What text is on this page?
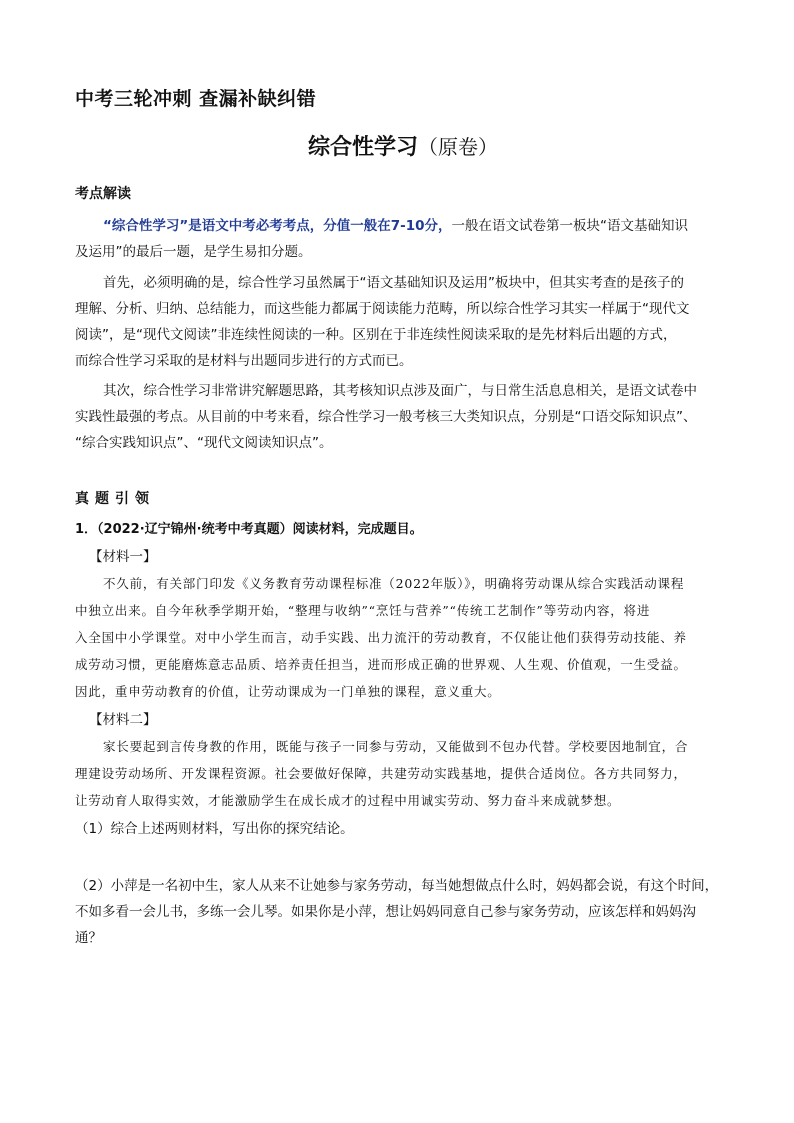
中考三轮冲刺 查漏补缺纠错
综合性学习（原卷）
考点解读
“综合性学习”是语文中考必考考点，分值一般在7-10分，一般在语文试卷第一板块“语文基础知识
及运用”的最后一题，是学生易扣分题。
首先，必须明确的是，综合性学习虽然属于“语文基础知识及运用”板块中，但其实考查的是孩子的
理解、分析、归纳、总结能力，而这些能力都属于阅读能力范畴，所以综合性学习其实一样属于“现代文
阅读”，是“现代文阅读”非连续性阅读的一种。区别在于非连续性阅读采取的是先材料后出题的方式，
而综合性学习采取的是材料与出题同步进行的方式而已。
其次，综合性学习非常讲究解题思路，其考核知识点涉及面广，与日常生活息息相关，是语文试卷中
实践性最强的考点。从目前的中考来看，综合性学习一般考核三大类知识点，分别是“口语交际知识点”、
“综合实践知识点”、“现代文阅读知识点”。
真题引领
1．（2022·辽宁锦州·统考中考真题）阅读材料，完成题目。
【材料一】
不久前，有关部门印发《义务教育劳动课程标准（2022年版）》，明确将劳动课从综合实践活动课程
中独立出来。自今年秋季学期开始，“整理与收纳”“烹饪与营养”“传统工艺制作”等劳动内容，将进
入全国中小学课堂。对中小学生而言，动手实践、出力流汗的劳动教育，不仅能让他们获得劳动技能、养
成劳动习惯，更能磨炼意志品质、培养责任担当，进而形成正确的世界观、人生观、价值观，一生受益。
因此，重申劳动教育的价值，让劳动课成为一门单独的课程，意义重大。
【材料二】
家长要起到言传身教的作用，既能与孩子一同参与劳动，又能做到不包办代替。学校要因地制宜，合
理建设劳动场所、开发课程资源。社会要做好保障，共建劳动实践基地，提供合适岗位。各方共同努力，
让劳动育人取得实效，才能激励学生在成长成才的过程中用诚实劳动、努力奋斗来成就梦想。
（1）综合上述两则材料，写出你的探究结论。
（2）小萍是一名初中生，家人从来不让她参与家务劳动，每当她想做点什么时，妈妈都会说，有这个时间，
不如多看一会儿书，多练一会儿琴。如果你是小萍，想让妈妈同意自己参与家务劳动，应该怎样和妈妈沟
通？
